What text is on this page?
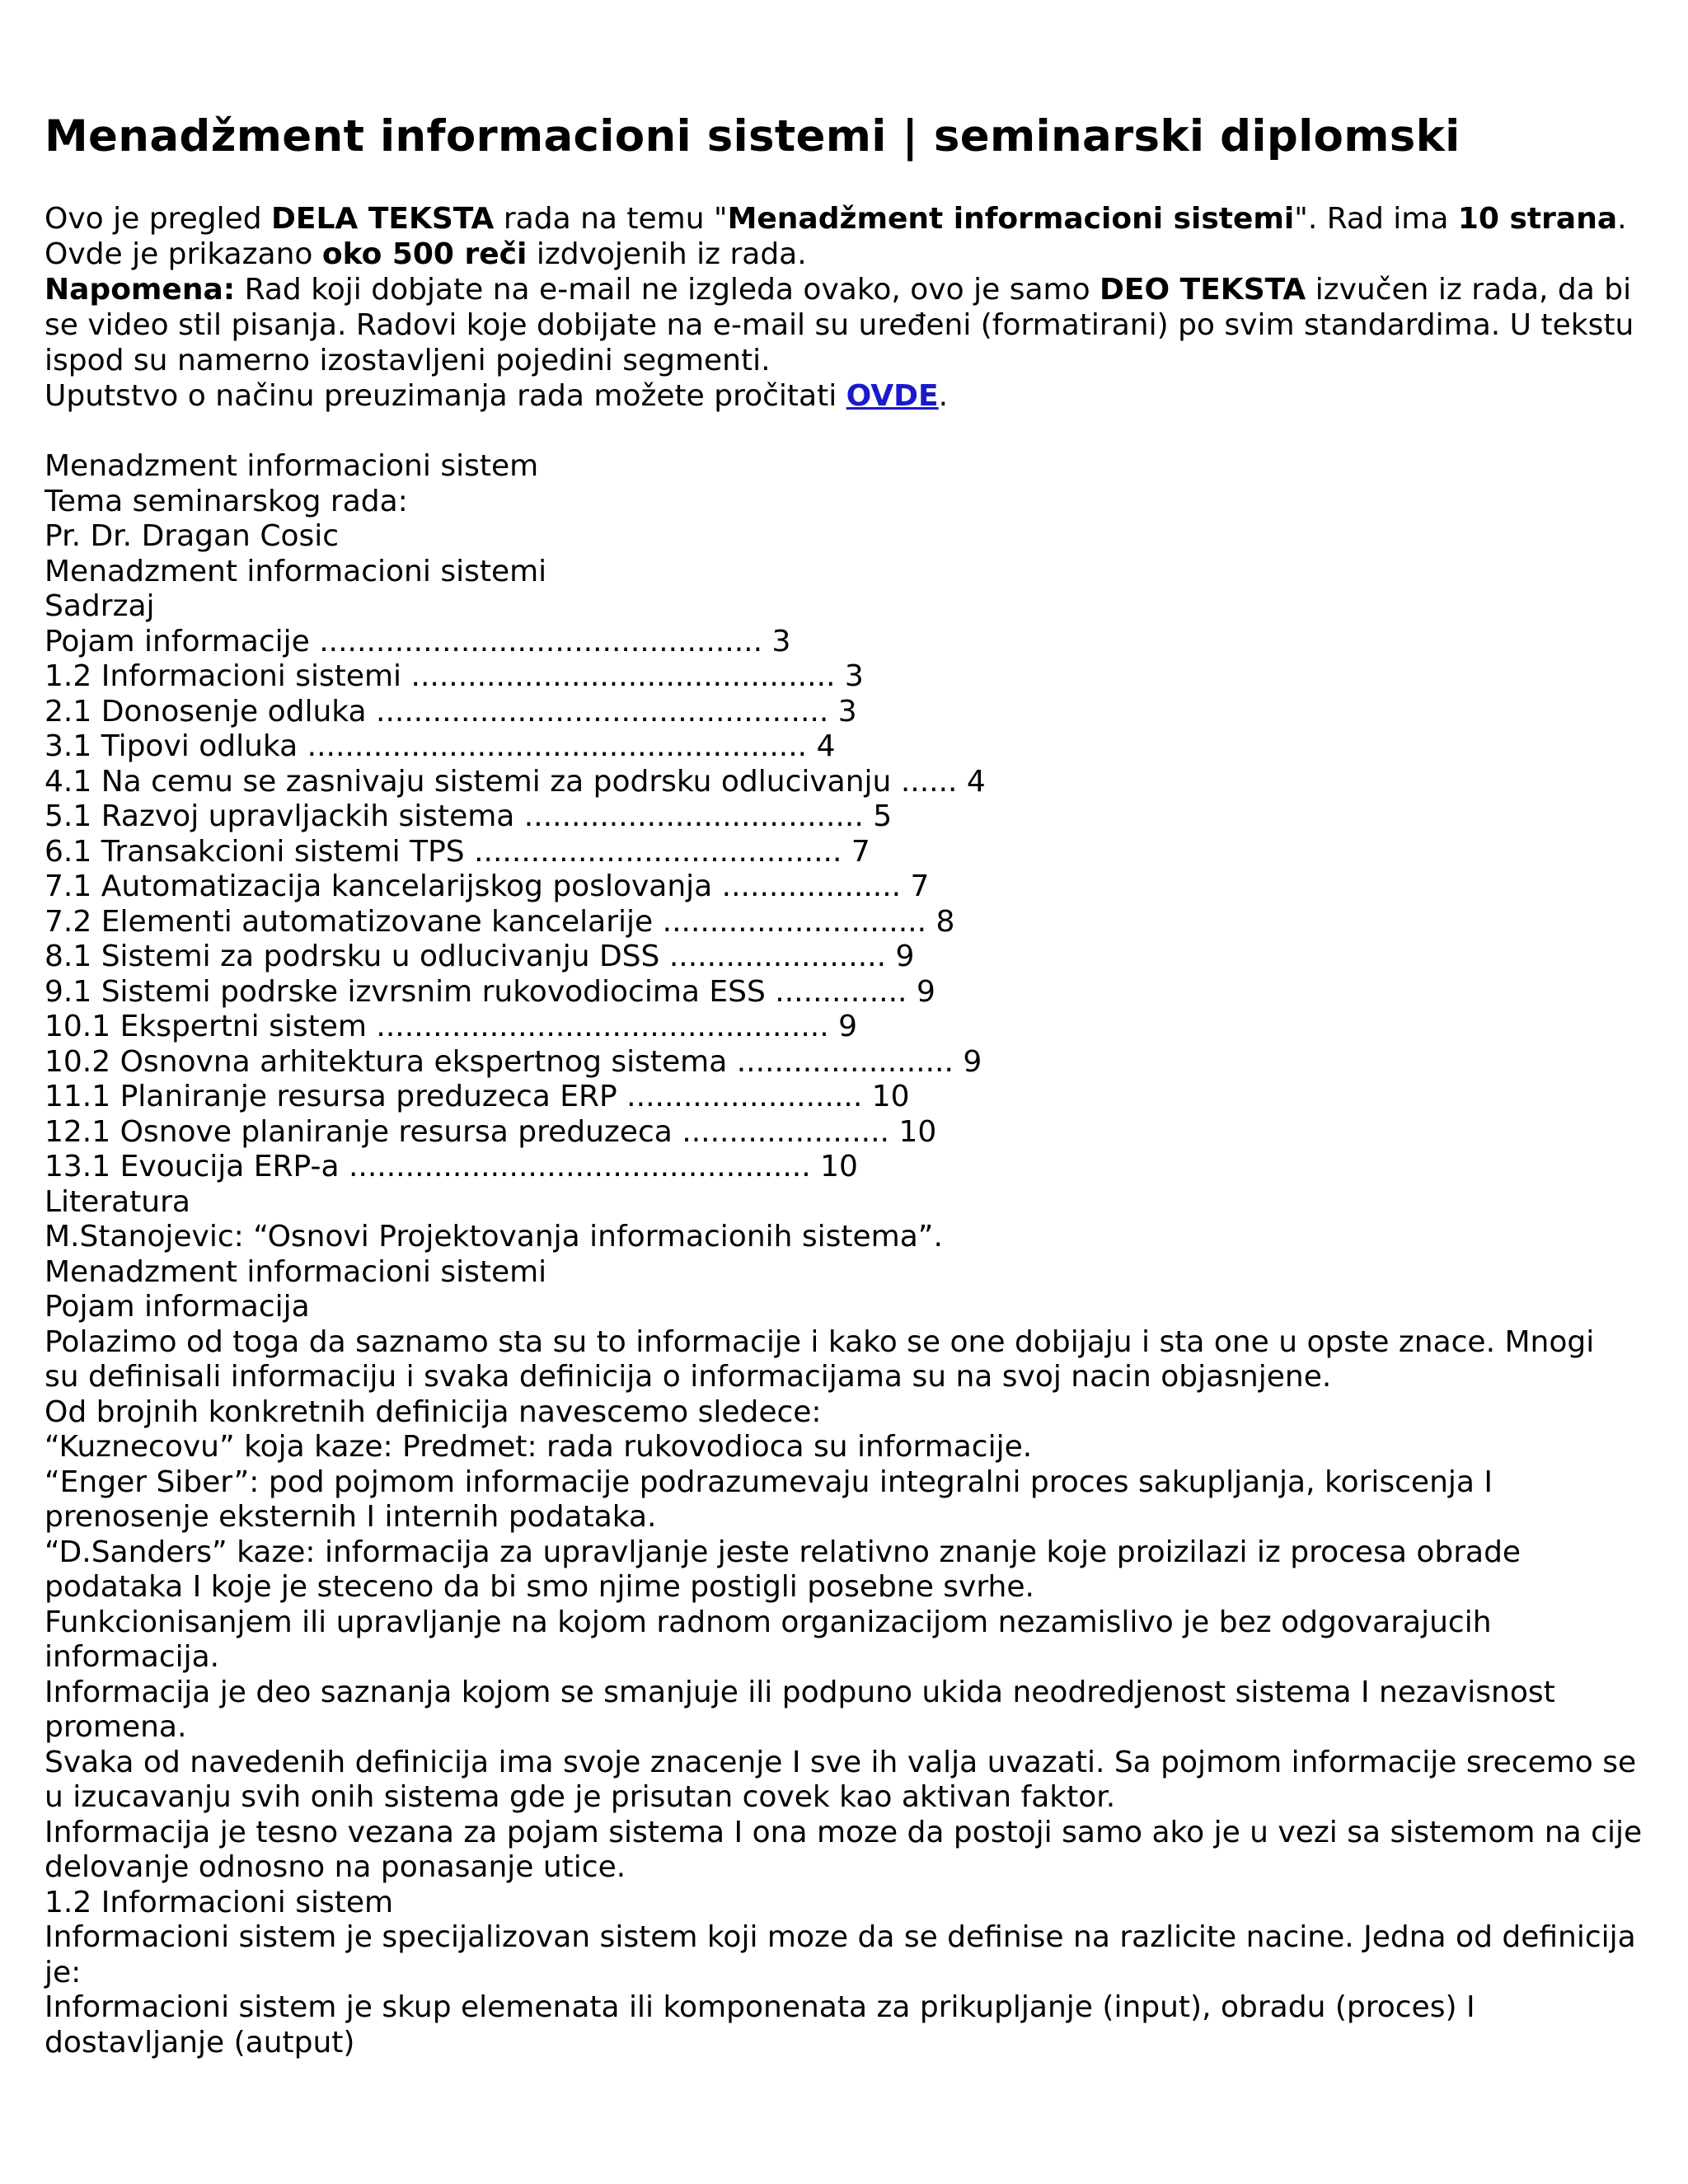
Menadžment informacioni sistemi | seminarski diplomski

Ovo je pregled DELA TEKSTA rada na temu "Menadžment informacioni sistemi". Rad ima 10 strana.
Ovde je prikazano oko 500 reči izdvojenih iz rada.

Napomena: Rad koji dobjate na e-mail ne izgleda ovako, ovo je samo DEO TEKSTA izvučen iz rada, da bi se video stil pisanja. Radovi koje dobijate na e-mail su uređeni (formatirani) po svim standardima. U tekstu ispod su namerno izostavljeni pojedini segmenti.

Uputstvo o načinu preuzimanja rada možete pročitati OVDE.

Menadzment informacioni sistem
Tema seminarskog rada:
Pr. Dr. Dragan Cosic
Menadzment informacioni sistemi
Sadrzaj
Pojam informacije ............................................... 3
1.2 Informacioni sistemi ............................................. 3
2.1 Donosenje odluka ................................................ 3
3.1 Tipovi odluka ..................................................... 4
4.1 Na cemu se zasnivaju sistemi za podrsku odlucivanju ...... 4
5.1 Razvoj upravljackih sistema .................................... 5
6.1 Transakcioni sistemi TPS ....................................... 7
7.1 Automatizacija kancelarijskog poslovanja ................... 7
7.2 Elementi automatizovane kancelarije ............................ 8
8.1 Sistemi za podrsku u odlucivanju DSS ....................... 9
9.1 Sistemi podrske izvrsnim rukovodiocima ESS .............. 9
10.1 Ekspertni sistem ................................................ 9
10.2 Osnovna arhitektura ekspertnog sistema ....................... 9
11.1 Planiranje resursa preduzeca ERP ......................... 10
12.1 Osnove planiranje resursa preduzeca ...................... 10
13.1 Evoucija ERP-a ................................................. 10
Literatura
M.Stanojevic: “Osnovi Projektovanja informacionih sistema”.
Menadzment informacioni sistemi
Pojam informacija
Polazimo od toga da saznamo sta su to informacije i kako se one dobijaju i sta one u opste znace. Mnogi
su definisali informaciju i svaka definicija o informacijama su na svoj nacin objasnjene.
Od brojnih konkretnih definicija navescemo sledece:
“Kuznecovu” koja kaze: Predmet: rada rukovodioca su informacije.
“Enger Siber”: pod pojmom informacije podrazumevaju integralni proces sakupljanja, koriscenja I
prenosenje eksternih I internih podataka.
“D.Sanders” kaze: informacija za upravljanje jeste relativno znanje koje proizilazi iz procesa obrade
podataka I koje je steceno da bi smo njime postigli posebne svrhe.
Funkcionisanjem ili upravljanje na kojom radnom organizacijom nezamislivo je bez odgovarajucih
informacija.
Informacija je deo saznanja kojom se smanjuje ili podpuno ukida neodredjenost sistema I nezavisnost
promena.
Svaka od navedenih definicija ima svoje znacenje I sve ih valja uvazati. Sa pojmom informacije srecemo se
u izucavanju svih onih sistema gde je prisutan covek kao aktivan faktor.
Informacija je tesno vezana za pojam sistema I ona moze da postoji samo ako je u vezi sa sistemom na cije
delovanje odnosno na ponasanje utice.
1.2 Informacioni sistem
Informacioni sistem je specijalizovan sistem koji moze da se definise na razlicite nacine. Jedna od definicija
je:
Informacioni sistem je skup elemenata ili komponenata za prikupljanje (input), obradu (proces) I
dostavljanje (autput)
